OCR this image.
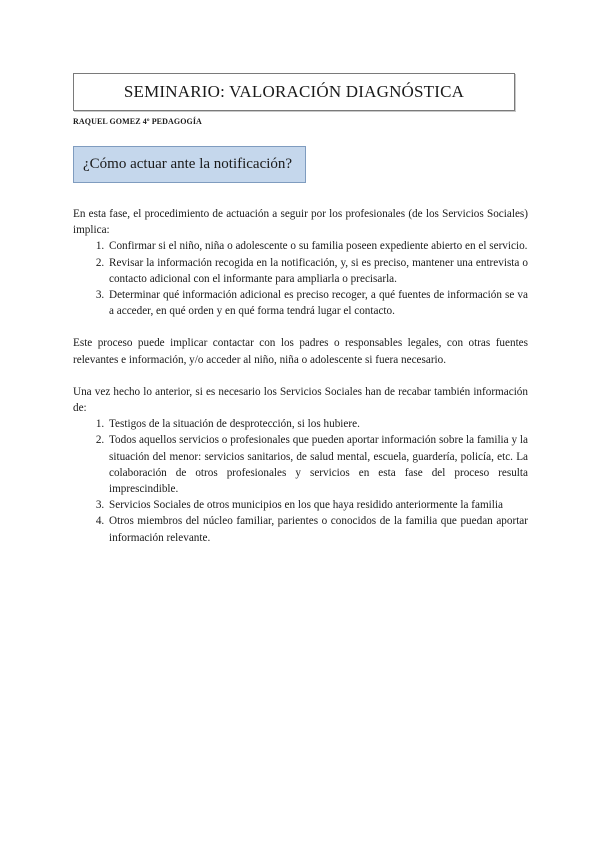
SEMINARIO: VALORACIÓN DIAGNÓSTICA
RAQUEL GOMEZ 4º PEDAGOGÍA
¿Cómo actuar ante la notificación?

En esta fase, el procedimiento de actuación a seguir por los profesionales (de los Servicios Sociales) implica:

1. Confirmar si el niño, niña o adolescente o su familia poseen expediente abierto en el servicio.
2. Revisar la información recogida en la notificación, y, si es preciso, mantener una entrevista o contacto adicional con el informante para ampliarla o precisarla.
3. Determinar qué información adicional es preciso recoger, a qué fuentes de información se va a acceder, en qué orden y en qué forma tendrá lugar el contacto.

Este proceso puede implicar contactar con los padres o responsables legales, con otras fuentes relevantes e información, y/o acceder al niño, niña o adolescente si fuera necesario.

Una vez hecho lo anterior, si es necesario los Servicios Sociales han de recabar también información de:

1. Testigos de la situación de desprotección, si los hubiere.
2. Todos aquellos servicios o profesionales que pueden aportar información sobre la familia y la situación del menor: servicios sanitarios, de salud mental, escuela, guardería, policía, etc. La colaboración de otros profesionales y servicios en esta fase del proceso resulta imprescindible.
3. Servicios Sociales de otros municipios en los que haya residido anteriormente la familia
4. Otros miembros del núcleo familiar, parientes o conocidos de la familia que puedan aportar información relevante.
